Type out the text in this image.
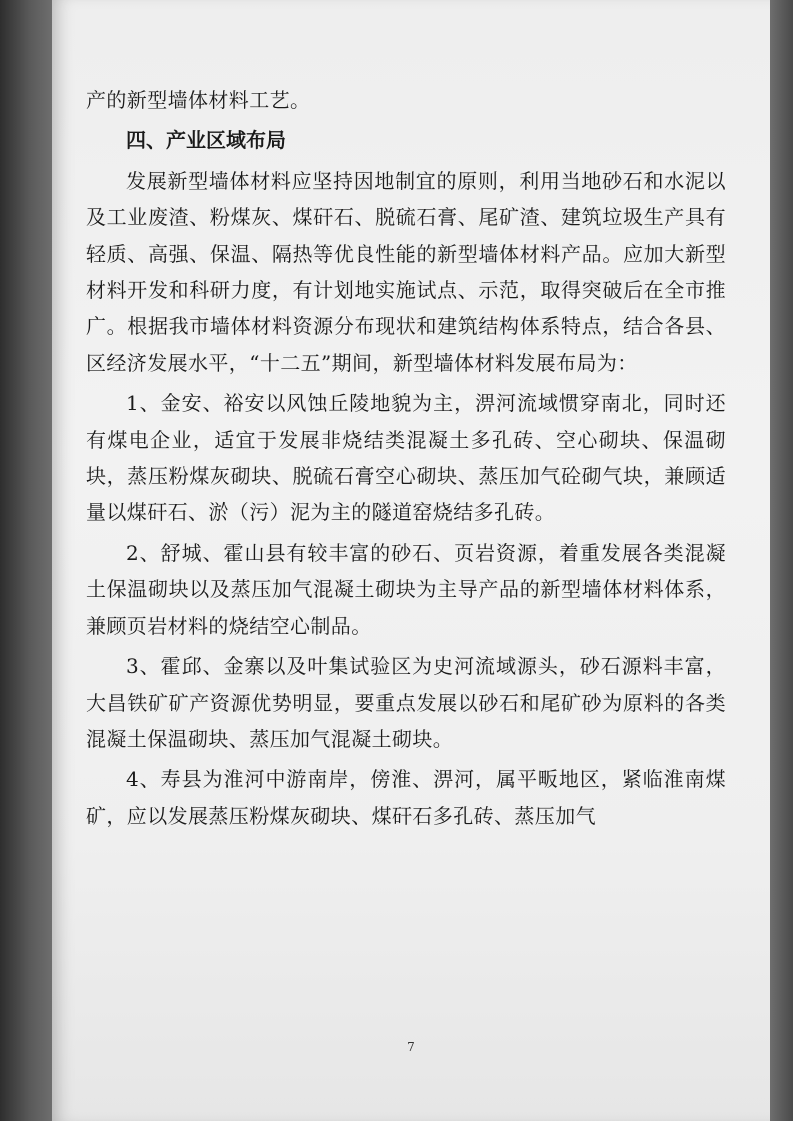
产的新型墙体材料工艺。

四、产业区域布局

发展新型墙体材料应坚持因地制宜的原则，利用当地砂石和水泥以及工业废渣、粉煤灰、煤矸石、脱硫石膏、尾矿渣、建筑垃圾生产具有轻质、高强、保温、隔热等优良性能的新型墙体材料产品。应加大新型材料开发和科研力度，有计划地实施试点、示范，取得突破后在全市推广。根据我市墙体材料资源分布现状和建筑结构体系特点，结合各县、区经济发展水平，“十二五”期间，新型墙体材料发展布局为：

1、金安、裕安以风蚀丘陵地貌为主，淠河流域惯穿南北，同时还有煤电企业，适宜于发展非烧结类混凝土多孔砖、空心砌块、保温砌块，蒸压粉煤灰砌块、脱硫石膏空心砌块、蒸压加气砼砌气块，兼顾适量以煤矸石、淤（污）泥为主的隧道窑烧结多孔砖。

2、舒城、霍山县有较丰富的砂石、页岩资源，着重发展各类混凝土保温砌块以及蒸压加气混凝土砌块为主导产品的新型墙体材料体系，兼顾页岩材料的烧结空心制品。

3、霍邱、金寨以及叶集试验区为史河流域源头，砂石源料丰富，大昌铁矿矿产资源优势明显，要重点发展以砂石和尾矿砂为原料的各类混凝土保温砌块、蒸压加气混凝土砌块。

4、寿县为淮河中游南岸，傍淮、淠河，属平畈地区，紧临淮南煤矿，应以发展蒸压粉煤灰砌块、煤矸石多孔砖、蒸压加气

7
